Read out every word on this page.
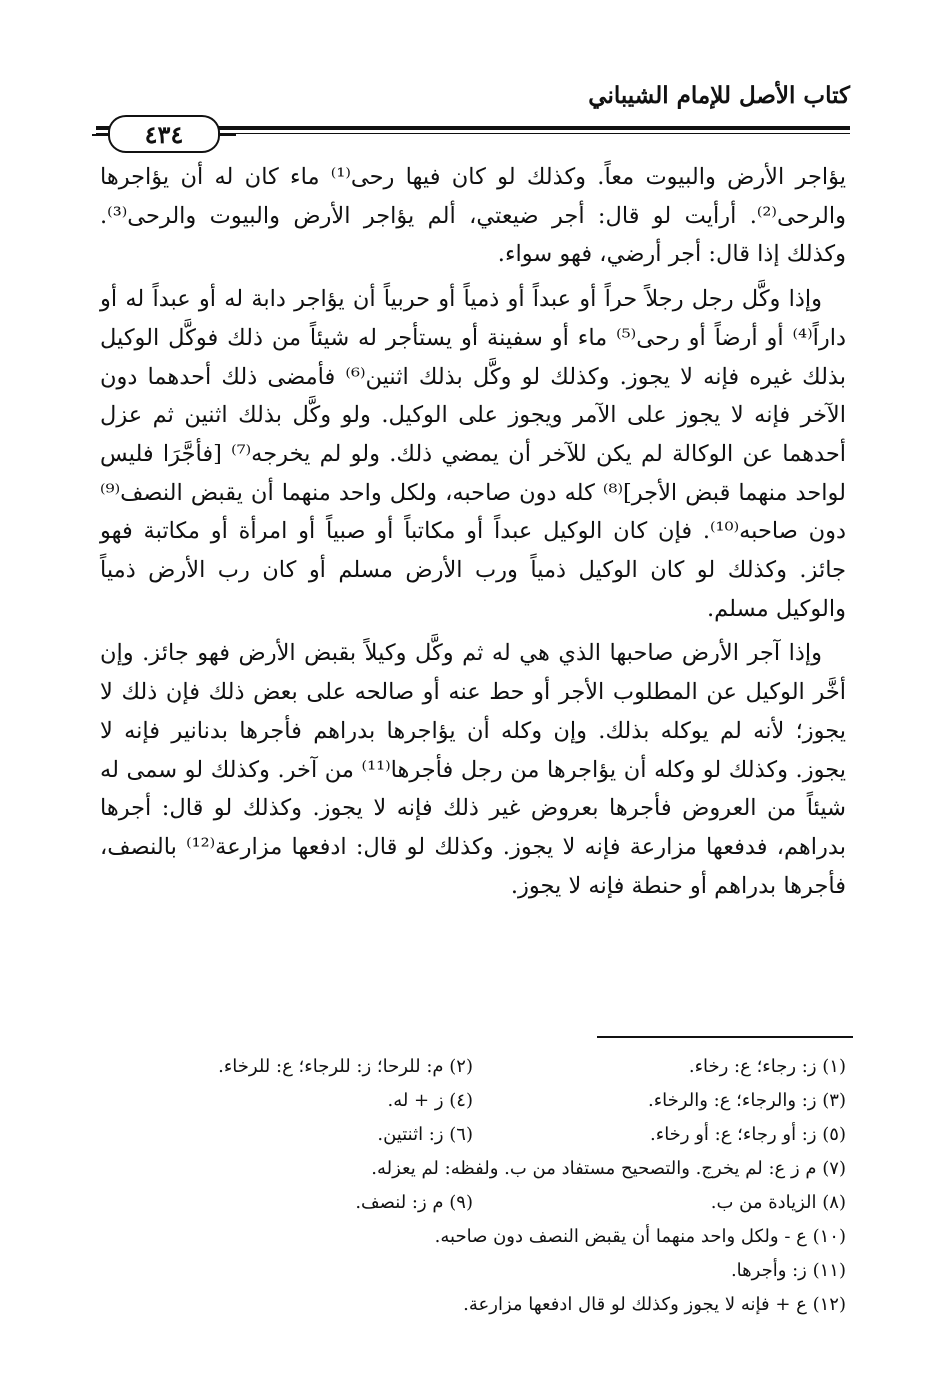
كتاب الأصل للإمام الشيباني
٤٣٤

يؤاجر الأرض والبيوت معاً. وكذلك لو كان فيها رحى⁽¹⁾ ماء كان له أن يؤاجرها والرحى⁽²⁾. أرأيت لو قال: أجر ضيعتي، ألم يؤاجر الأرض والبيوت والرحى⁽³⁾. وكذلك إذا قال: أجر أرضي، فهو سواء.

وإذا وكَّل رجل رجلاً حراً أو عبداً أو ذمياً أو حربياً أن يؤاجر دابة له أو عبداً له أو داراً⁽⁴⁾ أو أرضاً أو رحى⁽⁵⁾ ماء أو سفينة أو يستأجر له شيئاً من ذلك فوكَّل الوكيل بذلك غيره فإنه لا يجوز. وكذلك لو وكَّل بذلك اثنين⁽⁶⁾ فأمضى ذلك أحدهما دون الآخر فإنه لا يجوز على الآمر ويجوز على الوكيل. ولو وكَّل بذلك اثنين ثم عزل أحدهما عن الوكالة لم يكن للآخر أن يمضي ذلك. ولو لم يخرجه⁽⁷⁾ [فأجَّرَا فليس لواحد منهما قبض الأجر]⁽⁸⁾ كله دون صاحبه، ولكل واحد منهما أن يقبض النصف⁽⁹⁾ دون صاحبه⁽¹⁰⁾. فإن كان الوكيل عبداً أو مكاتباً أو صبياً أو امرأة أو مكاتبة فهو جائز. وكذلك لو كان الوكيل ذمياً ورب الأرض مسلم أو كان رب الأرض ذمياً والوكيل مسلم.

وإذا آجر الأرض صاحبها الذي هي له ثم وكَّل وكيلاً بقبض الأرض فهو جائز. وإن أخَّر الوكيل عن المطلوب الأجر أو حط عنه أو صالحه على بعض ذلك فإن ذلك لا يجوز؛ لأنه لم يوكله بذلك. وإن وكله أن يؤاجرها بدراهم فأجرها بدنانير فإنه لا يجوز. وكذلك لو وكله أن يؤاجرها من رجل فأجرها⁽¹¹⁾ من آخر. وكذلك لو سمى له شيئاً من العروض فأجرها بعروض غير ذلك فإنه لا يجوز. وكذلك لو قال: أجرها بدراهم، فدفعها مزارعة فإنه لا يجوز. وكذلك لو قال: ادفعها مزارعة⁽¹²⁾ بالنصف، فأجرها بدراهم أو حنطة فإنه لا يجوز.

(١) ز: رجاء؛ ع: رخاء.
(٢) م: للرحا؛ ز: للرجاء؛ ع: للرخاء.
(٣) ز: والرجاء؛ ع: والرخاء.
(٤) ز + له.
(٥) ز: أو رجاء؛ ع: أو رخاء.
(٦) ز: اثنتين.
(٧) م ز ع: لم يخرج. والتصحيح مستفاد من ب. ولفظه: لم يعزله.
(٨) الزيادة من ب.
(٩) م ز: لنصف.
(١٠) ع - ولكل واحد منهما أن يقبض النصف دون صاحبه.
(١١) ز: وأجرها.
(١٢) ع + فإنه لا يجوز وكذلك لو قال ادفعها مزارعة.
